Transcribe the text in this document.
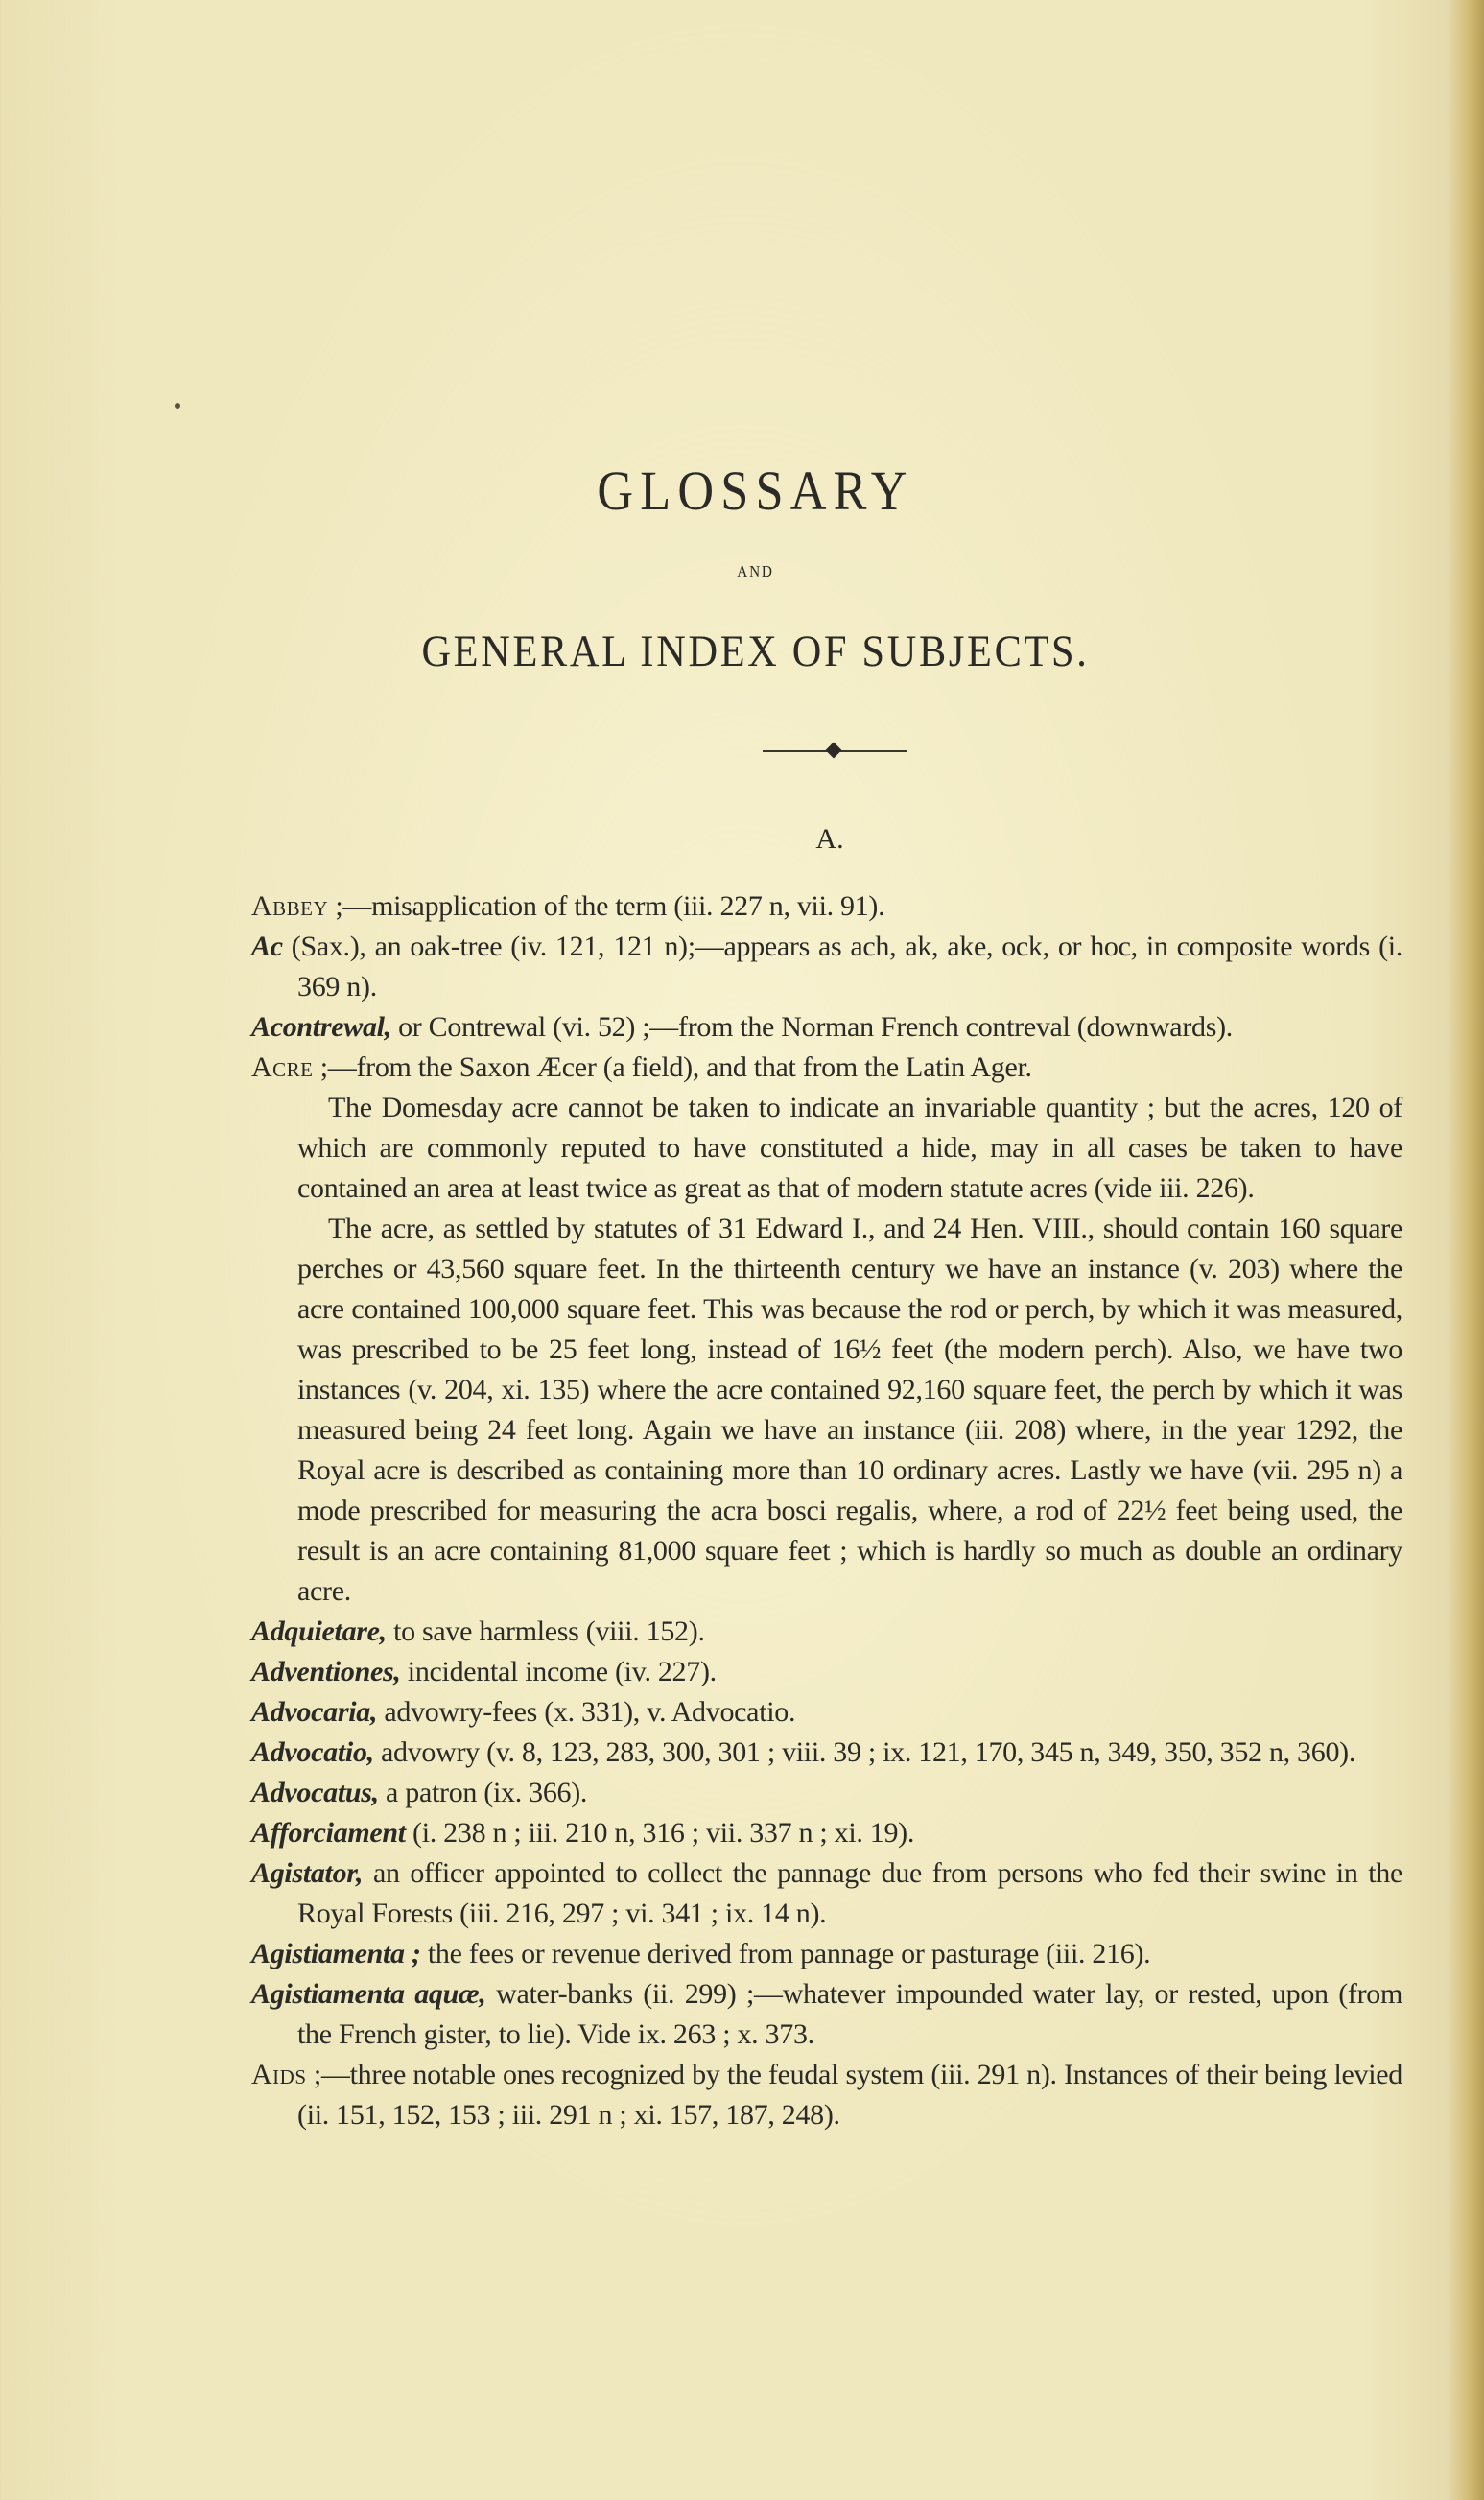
GLOSSARY
AND
GENERAL INDEX OF SUBJECTS.
A.

Abbey ;—misapplication of the term (iii. 227 n, vii. 91).

Ac (Sax.), an oak-tree (iv. 121, 121 n);—appears as ach, ak, ake, ock, or hoc, in composite words (i. 369 n).

Acontrewal, or Contrewal (vi. 52) ;—from the Norman French contreval (downwards).

Acre ;—from the Saxon Æcer (a field), and that from the Latin Ager.

The Domesday acre cannot be taken to indicate an invariable quantity ; but the acres, 120 of which are commonly reputed to have constituted a hide, may in all cases be taken to have contained an area at least twice as great as that of modern statute acres (vide iii. 226).

The acre, as settled by statutes of 31 Edward I., and 24 Hen. VIII., should contain 160 square perches or 43,560 square feet. In the thirteenth century we have an instance (v. 203) where the acre contained 100,000 square feet. This was because the rod or perch, by which it was measured, was prescribed to be 25 feet long, instead of 16½ feet (the modern perch). Also, we have two instances (v. 204, xi. 135) where the acre contained 92,160 square feet, the perch by which it was measured being 24 feet long. Again we have an instance (iii. 208) where, in the year 1292, the Royal acre is described as containing more than 10 ordinary acres. Lastly we have (vii. 295 n) a mode prescribed for measuring the acra bosci regalis, where, a rod of 22½ feet being used, the result is an acre containing 81,000 square feet ; which is hardly so much as double an ordinary acre.

Adquietare, to save harmless (viii. 152).

Adventiones, incidental income (iv. 227).

Advocaria, advowry-fees (x. 331), v. Advocatio.

Advocatio, advowry (v. 8, 123, 283, 300, 301 ; viii. 39 ; ix. 121, 170, 345 n, 349, 350, 352 n, 360).

Advocatus, a patron (ix. 366).

Afforciament (i. 238 n ; iii. 210 n, 316 ; vii. 337 n ; xi. 19).

Agistator, an officer appointed to collect the pannage due from persons who fed their swine in the Royal Forests (iii. 216, 297 ; vi. 341 ; ix. 14 n).

Agistiamenta ; the fees or revenue derived from pannage or pasturage (iii. 216).

Agistiamenta aquæ, water-banks (ii. 299) ;—whatever impounded water lay, or rested, upon (from the French gister, to lie). Vide ix. 263 ; x. 373.

Aids ;—three notable ones recognized by the feudal system (iii. 291 n). Instances of their being levied (ii. 151, 152, 153 ; iii. 291 n ; xi. 157, 187, 248).
